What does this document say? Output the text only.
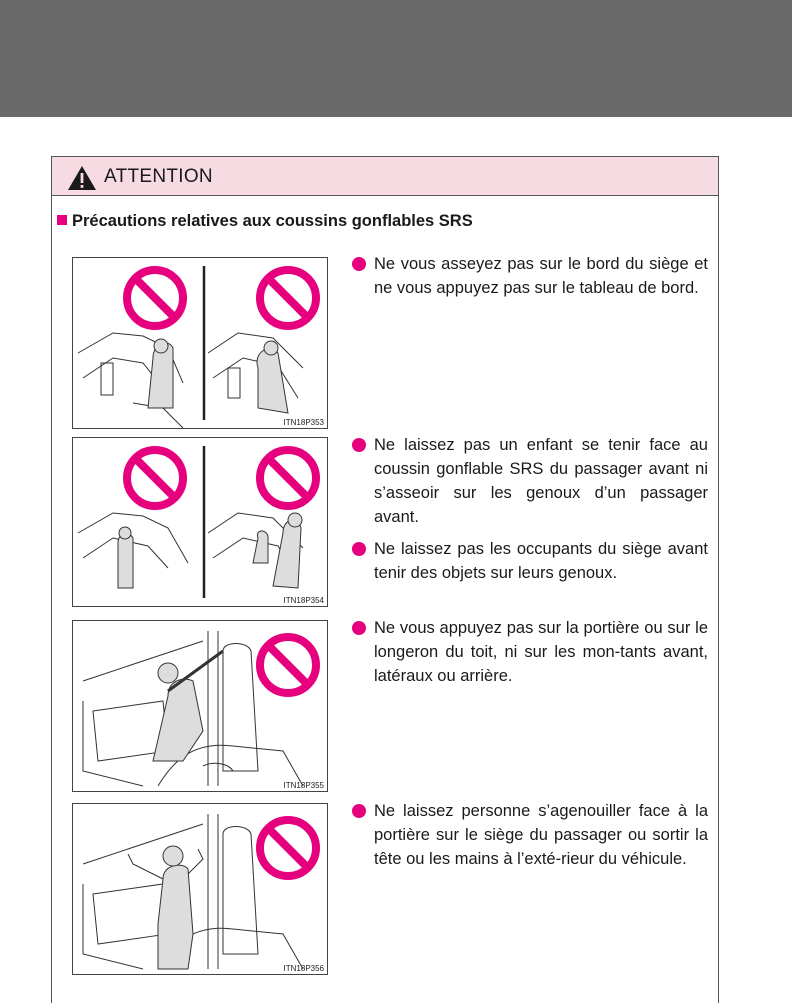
ATTENTION
Précautions relatives aux coussins gonflables SRS
ITN18P353
ITN18P354
ITN18P355
ITN18P356
Ne vous asseyez pas sur le bord du siège et ne vous appuyez pas sur le tableau de bord.
Ne laissez pas un enfant se tenir face au coussin gonflable SRS du passager avant ni s’asseoir sur les genoux d’un passager avant.
Ne laissez pas les occupants du siège avant tenir des objets sur leurs genoux.
Ne vous appuyez pas sur la portière ou sur le longeron du toit, ni sur les mon-tants avant, latéraux ou arrière.
Ne laissez personne s’agenouiller face à la portière sur le siège du passager ou sortir la tête ou les mains à l’exté-rieur du véhicule.
